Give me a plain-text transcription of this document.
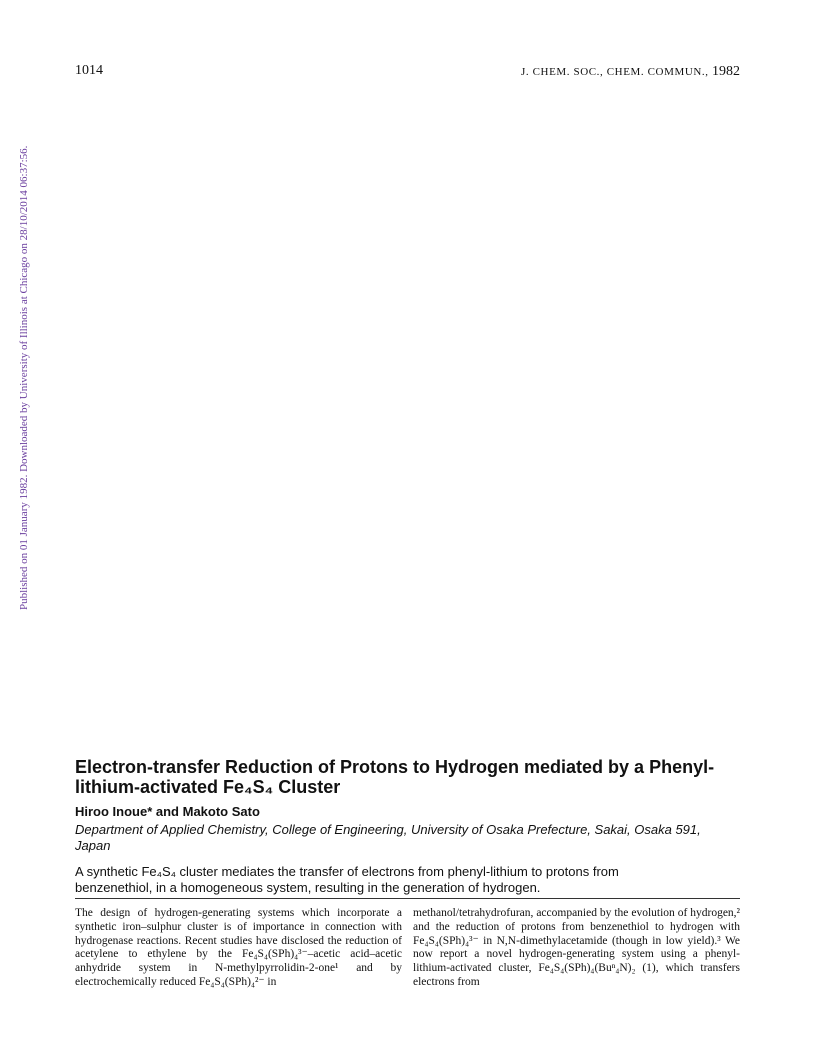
1014	J. CHEM. SOC., CHEM. COMMUN., 1982
Published on 01 January 1982. Downloaded by University of Illinois at Chicago on 28/10/2014 06:37:56.
Electron-transfer Reduction of Protons to Hydrogen mediated by a Phenyl-lithium-activated Fe₄S₄ Cluster
Hiroo Inoue* and Makoto Sato
Department of Applied Chemistry, College of Engineering, University of Osaka Prefecture, Sakai, Osaka 591, Japan
A synthetic Fe₄S₄ cluster mediates the transfer of electrons from phenyl-lithium to protons from benzenethiol, in a homogeneous system, resulting in the generation of hydrogen.

The design of hydrogen-generating systems which incorporate a synthetic iron–sulphur cluster is of importance in connection with hydrogenase reactions. Recent studies have disclosed the reduction of acetylene to ethylene by the Fe₄S₄(SPh)₄³⁻–acetic acid–acetic anhydride system in N-methylpyrrolidin-2-one¹ and by electrochemically reduced Fe₄S₄(SPh)₄²⁻ in

methanol/tetrahydrofuran, accompanied by the evolution of hydrogen,² and the reduction of protons from benzenethiol to hydrogen with Fe₄S₄(SPh)₄³⁻ in N,N-dimethylacetamide (though in low yield).³ We now report a novel hydrogen-generating system using a phenyl-lithium-activated cluster, Fe₄S₄(SPh)₄(Buⁿ₄N)₂ (1), which transfers electrons from
